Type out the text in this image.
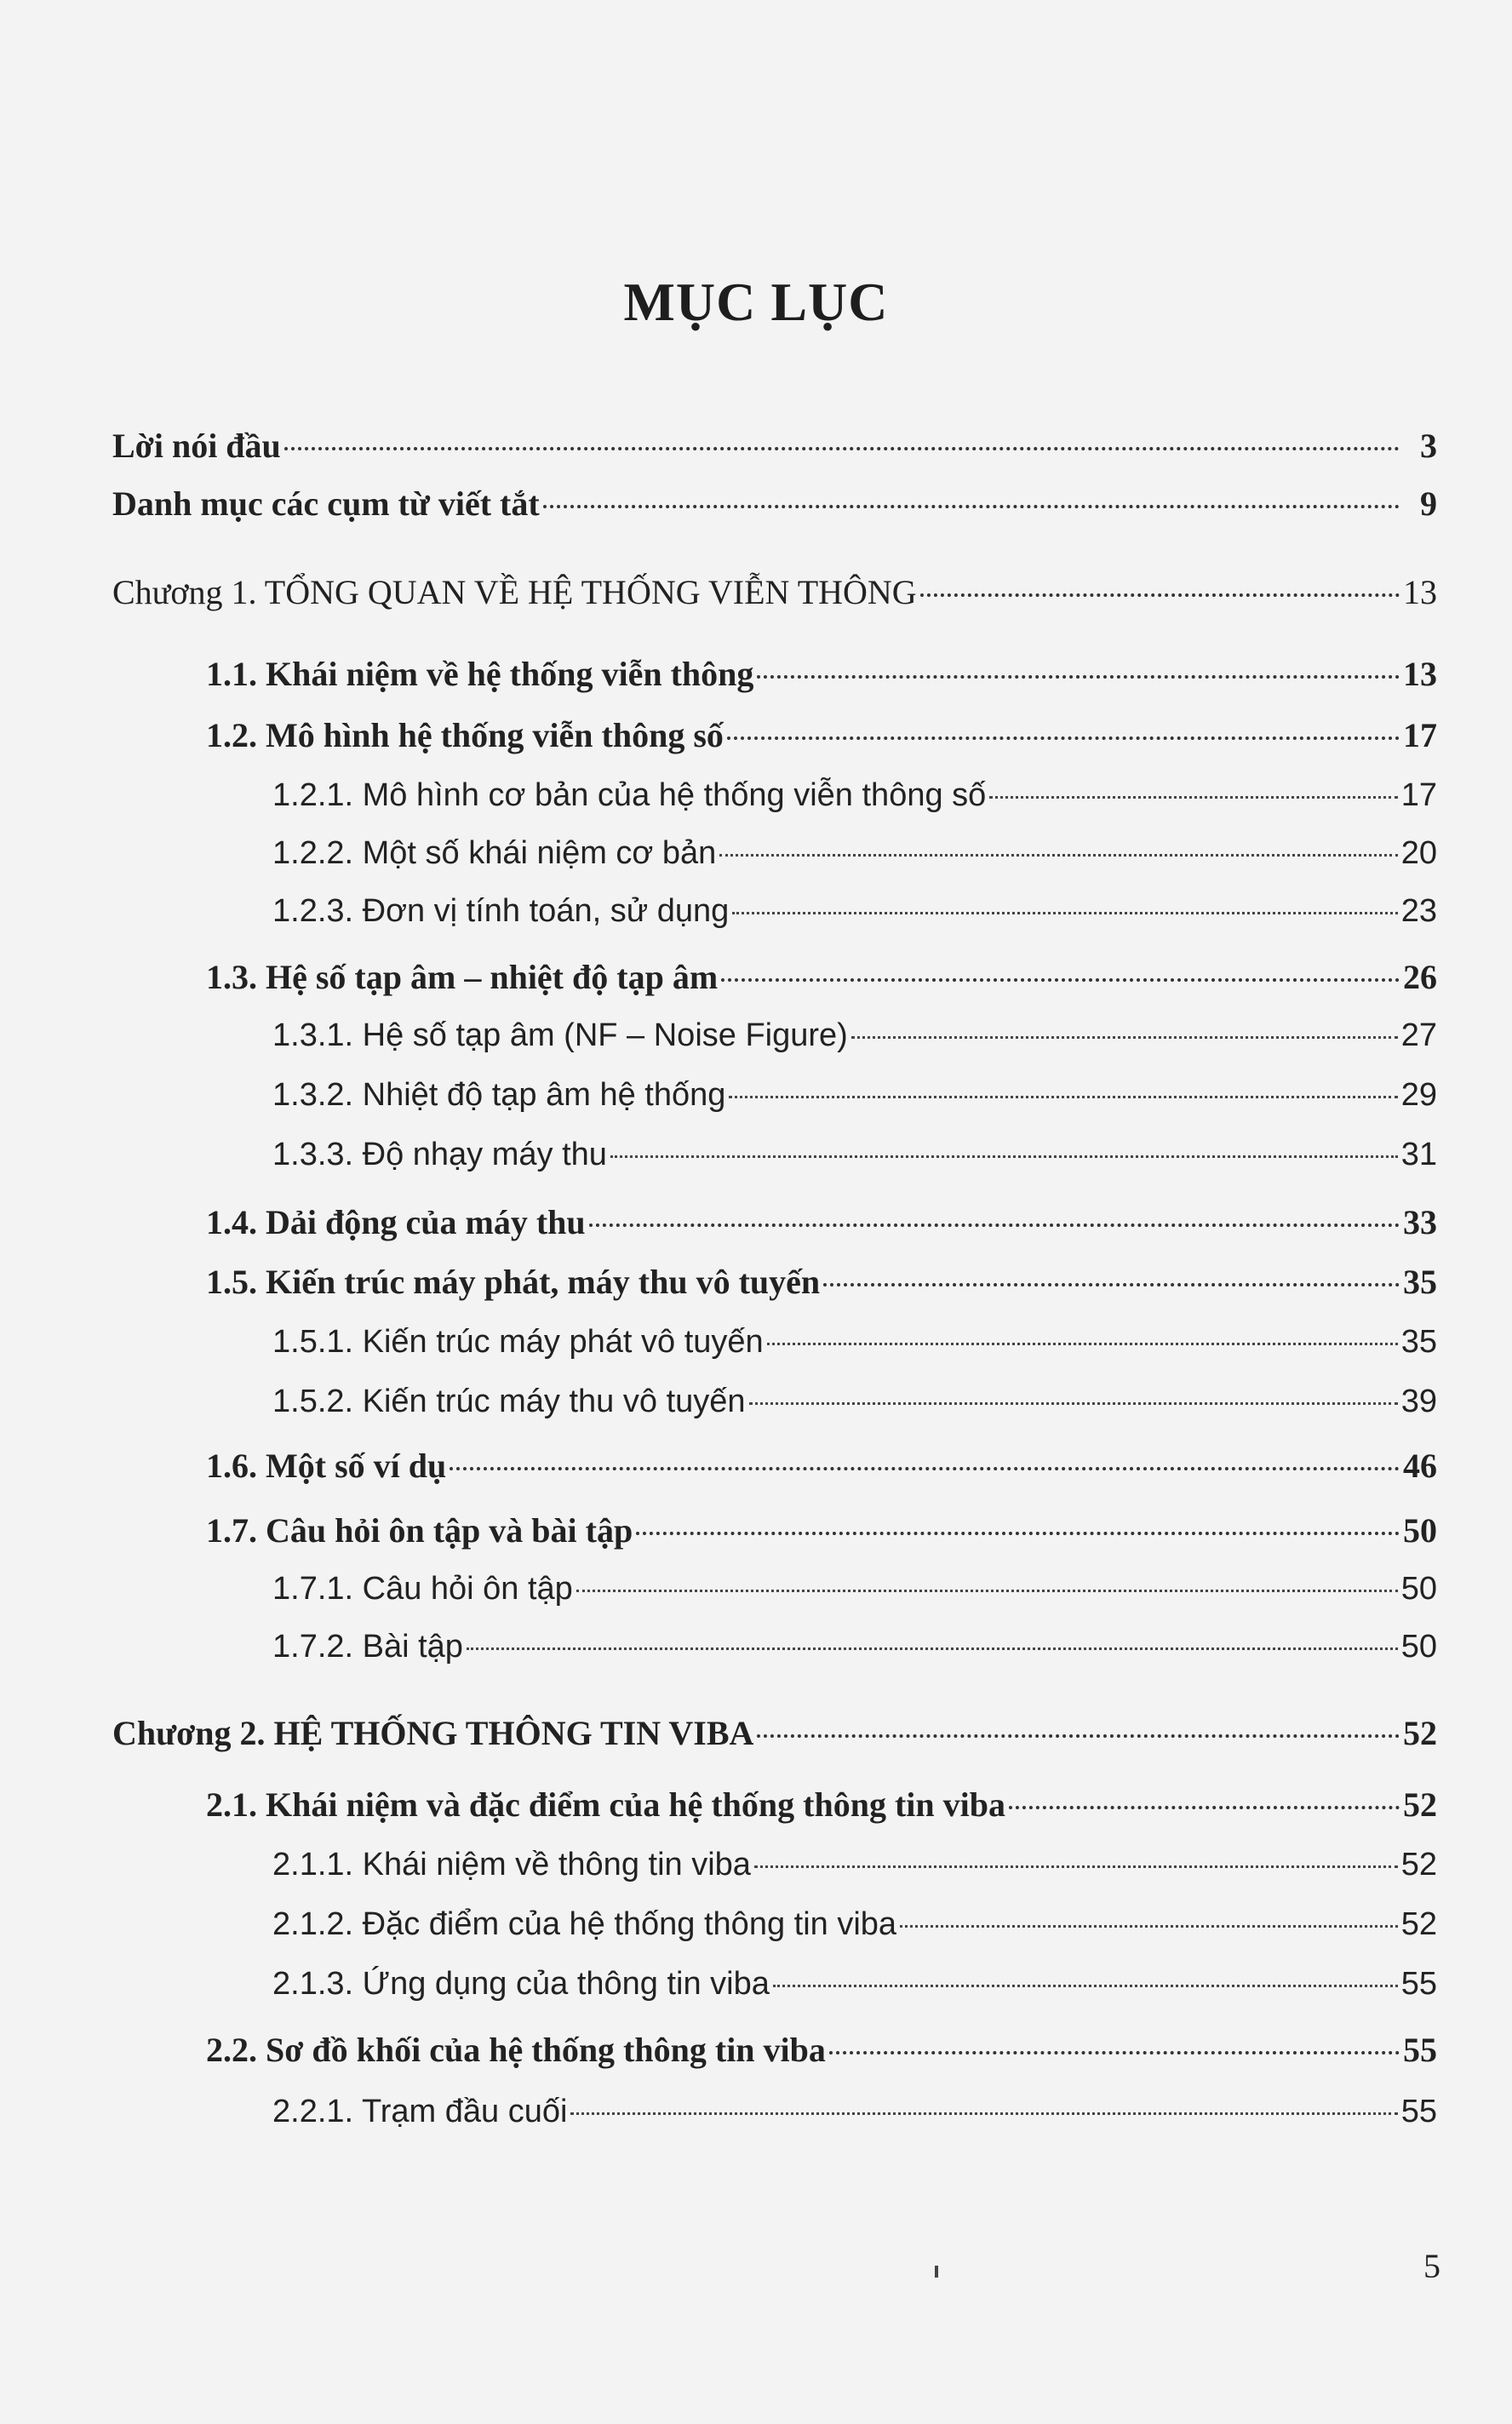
MỤC LỤC
Lời nói đầu	3
Danh mục các cụm từ viết tắt	9
Chương 1. TỔNG QUAN VỀ HỆ THỐNG VIỄN THÔNG	13
1.1. Khái niệm về hệ thống viễn thông	13
1.2. Mô hình hệ thống viễn thông số	17
1.2.1. Mô hình cơ bản của hệ thống viễn thông số	17
1.2.2. Một số khái niệm cơ bản	20
1.2.3. Đơn vị tính toán, sử dụng	23
1.3. Hệ số tạp âm – nhiệt độ tạp âm	26
1.3.1. Hệ số tạp âm (NF – Noise Figure)	27
1.3.2. Nhiệt độ tạp âm hệ thống	29
1.3.3. Độ nhạy máy thu	31
1.4. Dải động của máy thu	33
1.5. Kiến trúc máy phát, máy thu vô tuyến	35
1.5.1. Kiến trúc máy phát vô tuyến	35
1.5.2. Kiến trúc máy thu vô tuyến	39
1.6. Một số ví dụ	46
1.7. Câu hỏi ôn tập và bài tập	50
1.7.1. Câu hỏi ôn tập	50
1.7.2. Bài tập	50
Chương 2. HỆ THỐNG THÔNG TIN VIBA	52
2.1. Khái niệm và đặc điểm của hệ thống thông tin viba	52
2.1.1. Khái niệm về thông tin viba	52
2.1.2. Đặc điểm của hệ thống thông tin viba	52
2.1.3. Ứng dụng của thông tin viba	55
2.2. Sơ đồ khối của hệ thống thông tin viba	55
2.2.1. Trạm đầu cuối	55
5
